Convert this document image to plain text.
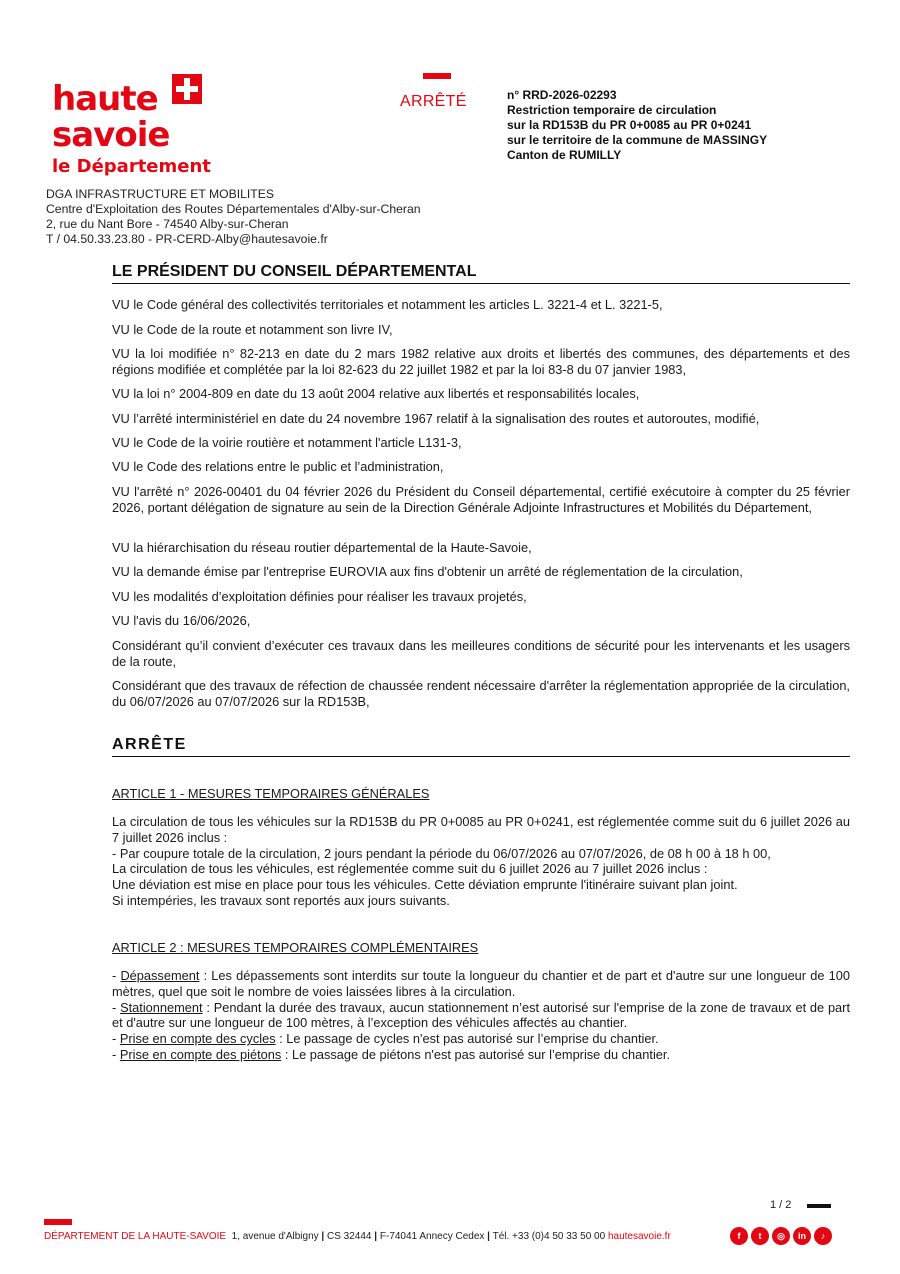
haute
savoie
le Département
ARRÊTÉ	n° RRD-2026-02293
Restriction temporaire de circulation
sur la RD153B du PR 0+0085 au PR 0+0241
sur le territoire de la commune de MASSINGY
Canton de RUMILLY
DGA INFRASTRUCTURE ET MOBILITES
Centre d'Exploitation des Routes Départementales d'Alby-sur-Cheran
2, rue du Nant Bore - 74540 Alby-sur-Cheran
T / 04.50.33.23.80 - PR-CERD-Alby@hautesavoie.fr
LE PRÉSIDENT DU CONSEIL DÉPARTEMENTAL
VU le Code général des collectivités territoriales et notamment les articles L. 3221-4 et L. 3221-5,
VU le Code de la route et notamment son livre IV,
VU la loi modifiée n° 82-213 en date du 2 mars 1982 relative aux droits et libertés des communes, des départements et des régions modifiée et complétée par la loi 82-623 du 22 juillet 1982 et par la loi 83-8 du 07 janvier 1983,
VU la loi n° 2004-809 en date du 13 août 2004 relative aux libertés et responsabilités locales,
VU l’arrêté interministériel en date du 24 novembre 1967 relatif à la signalisation des routes et autoroutes, modifié,
VU le Code de la voirie routière et notamment l'article L131-3,
VU le Code des relations entre le public et l’administration,
VU l'arrêté n° 2026-00401 du 04 février 2026 du Président du Conseil départemental, certifié exécutoire à compter du 25 février 2026, portant délégation de signature au sein de la Direction Générale Adjointe Infrastructures et Mobilités du Département,
VU la hiérarchisation du réseau routier départemental de la Haute-Savoie,
VU la demande émise par l'entreprise EUROVIA aux fins d'obtenir un arrêté de réglementation de la circulation,
VU les modalités d’exploitation définies pour réaliser les travaux projetés,
VU l'avis du 16/06/2026,
Considérant qu’il convient d’exécuter ces travaux dans les meilleures conditions de sécurité pour les intervenants et les usagers de la route,
Considérant que des travaux de réfection de chaussée rendent nécessaire d'arrêter la réglementation appropriée de la circulation, du 06/07/2026 au 07/07/2026 sur la RD153B,
ARRÊTE
ARTICLE 1 - MESURES TEMPORAIRES GÉNÉRALES

La circulation de tous les véhicules sur la RD153B du PR 0+0085 au PR 0+0241, est réglementée comme suit du 6 juillet 2026 au 7 juillet 2026 inclus :

- Par coupure totale de la circulation, 2 jours pendant la période du 06/07/2026 au 07/07/2026, de 08 h 00 à 18 h 00,

La circulation de tous les véhicules, est réglementée comme suit du 6 juillet 2026 au 7 juillet 2026 inclus :

Une déviation est mise en place pour tous les véhicules. Cette déviation emprunte l'itinéraire suivant plan joint.

Si intempéries, les travaux sont reportés aux jours suivants.

ARTICLE 2 : MESURES TEMPORAIRES COMPLÉMENTAIRES

- Dépassement : Les dépassements sont interdits sur toute la longueur du chantier et de part et d'autre sur une longueur de 100 mètres, quel que soit le nombre de voies laissées libres à la circulation.

- Stationnement : Pendant la durée des travaux, aucun stationnement n’est autorisé sur l'emprise de la zone de travaux et de part et d'autre sur une longueur de 100 mètres, à l’exception des véhicules affectés au chantier.

- Prise en compte des cycles : Le passage de cycles n'est pas autorisé sur l’emprise du chantier.

- Prise en compte des piétons : Le passage de piétons n'est pas autorisé sur l’emprise du chantier.

1 / 2
DÉPARTEMENT DE LA HAUTE-SAVOIE 1, avenue d'Albigny | CS 32444 | F-74041 Annecy Cedex | Tél. +33 (0)4 50 33 50 00 hautesavoie.fr	f	t	◎	in	♪
